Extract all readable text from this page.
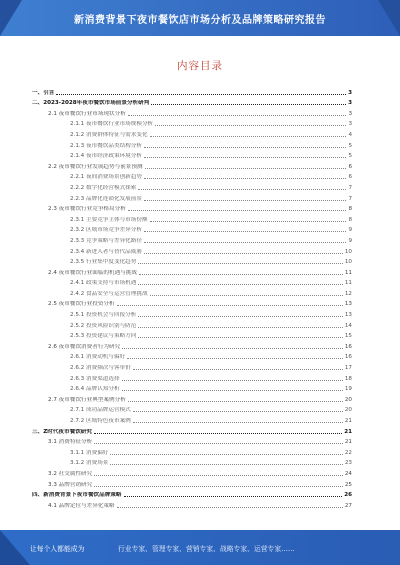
新消费背景下夜市餐饮店市场分析及品牌策略研究报告
内容目录
一、引言	3
二、2023-2028年夜市餐饮市场前景分析研判	3
2.1 夜市餐饮行业市场现状分析	3
2.1.1 夜市餐饮行业市场规模分析	3
2.1.2 消费群体特征与需求变化	4
2.1.3 夜市餐饮品类结构分析	5
2.1.4 夜市经济政策环境分析	5
2.2 夜市餐饮行业发展趋势与前景预测	6
2.2.1 夜间消费场景创新趋势	6
2.2.2 数字化经营模式探索	7
2.2.3 品牌化连锁化发展前景	7
2.3 夜市餐饮行业竞争格局分析	8
2.3.1 主要竞争主体与市场份额	8
2.3.2 区域市场竞争差异分析	9
2.3.3 竞争策略与差异化路径	9
2.3.4 新进入者与替代品威胁	10
2.3.5 行业集中度变化趋势	10
2.4 夜市餐饮行业面临的机遇与挑战	11
2.4.1 政策支持与市场机遇	11
2.4.2 食品安全与运营管理挑战	12
2.5 夜市餐饮行业投资分析	13
2.5.1 投资机会与回报分析	13
2.5.2 投资风险识别与防范	14
2.5.3 投资建议与策略方向	15
2.6 夜市餐饮消费者行为研究	16
2.6.1 消费动机与偏好	16
2.6.2 消费频次与客单价	17
2.6.3 消费渠道选择	18
2.6.4 品牌认知分析	19
2.7 夜市餐饮行业典型案例分析	20
2.7.1 成功品牌运营模式	20
2.7.2 区域特色夜市案例	21
三、Z时代夜市餐饮研究	21
3.1 消费特征分析	21
3.1.1 消费偏好	22
3.1.2 消费场景	23
3.2 社交属性研究	24
3.3 品牌营销研究	25
四、新消费背景下夜市餐饮品牌策略	26
4.1 品牌定位与差异化策略	27
让每个人都能成为	行业专家、管理专家、营销专家、战略专家、运营专家……
